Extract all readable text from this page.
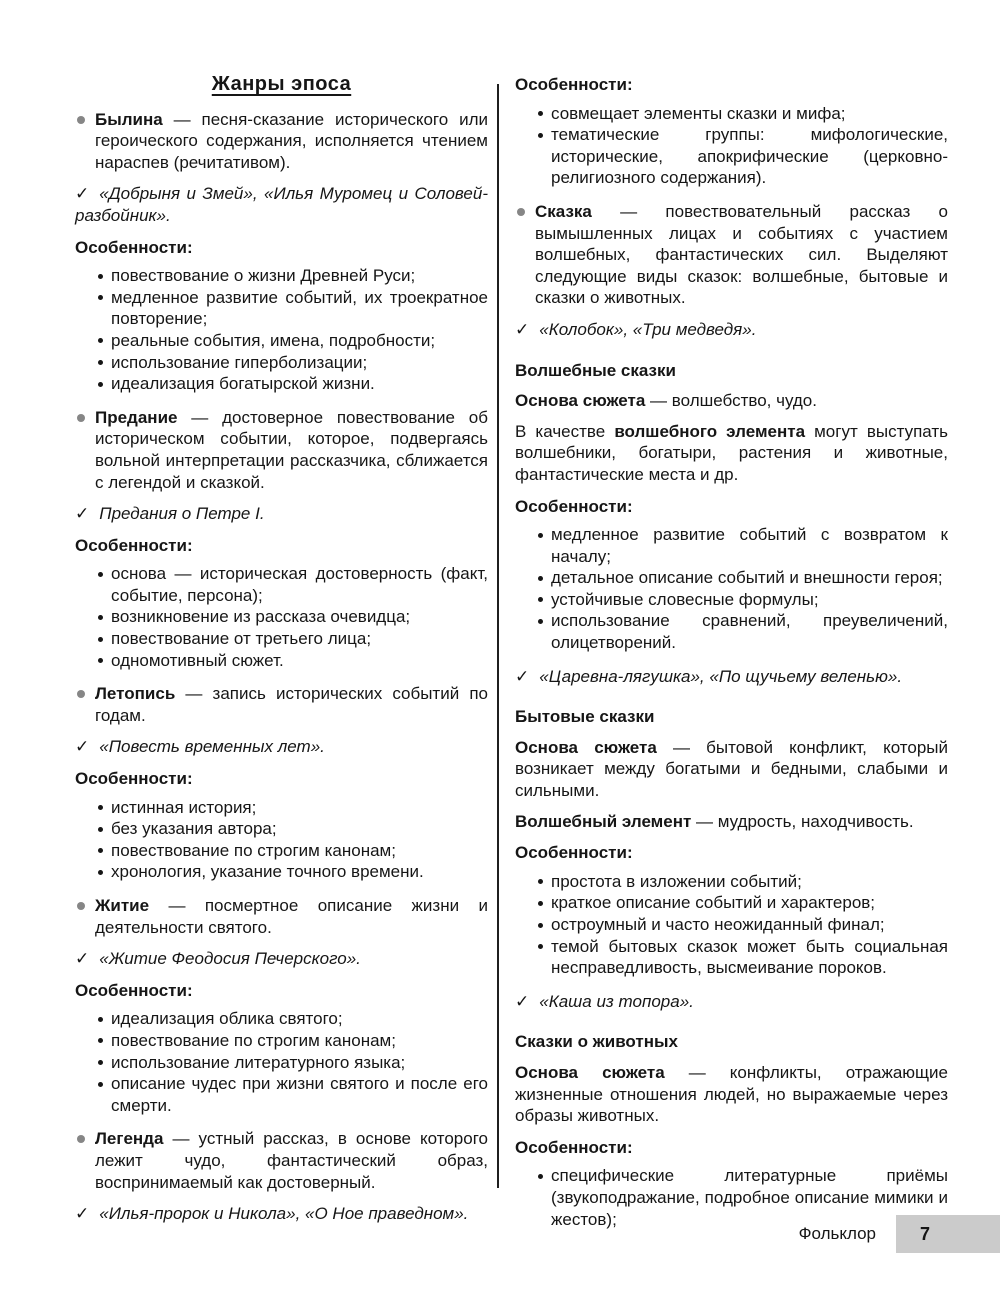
Жанры эпоса
Былина — песня-сказание исторического или героического содержания, исполняется чтением нараспев (речитативом).
✓ «Добрыня и Змей», «Илья Муромец и Соловей-разбойник».
Особенности:
повествование о жизни Древней Руси;
медленное развитие событий, их троекратное повторение;
реальные события, имена, подробности;
использование гиперболизации;
идеализация богатырской жизни.
Предание — достоверное повествование об историческом событии, которое, подвергаясь вольной интерпретации рассказчика, сближается с легендой и сказкой.
✓ Предания о Петре I.
Особенности:
основа — историческая достоверность (факт, событие, персона);
возникновение из рассказа очевидца;
повествование от третьего лица;
одномотивный сюжет.
Летопись — запись исторических событий по годам.
✓ «Повесть временных лет».
Особенности:
истинная история;
без указания автора;
повествование по строгим канонам;
хронология, указание точного времени.
Житие — посмертное описание жизни и деятельности святого.
✓ «Житие Феодосия Печерского».
Особенности:
идеализация облика святого;
повествование по строгим канонам;
использование литературного языка;
описание чудес при жизни святого и после его смерти.
Легенда — устный рассказ, в основе которого лежит чудо, фантастический образ, воспринимаемый как достоверный.
✓ «Илья-пророк и Никола», «О Ное праведном».
Особенности:
совмещает элементы сказки и мифа;
тематические группы: мифологические, исторические, апокрифические (церковно-религиозного содержания).
Сказка — повествовательный рассказ о вымышленных лицах и событиях с участием волшебных, фантастических сил. Выделяют следующие виды сказок: волшебные, бытовые и сказки о животных.
✓ «Колобок», «Три медведя».
Волшебные сказки
Основа сюжета — волшебство, чудо.
В качестве волшебного элемента могут выступать волшебники, богатыри, растения и животные, фантастические места и др.
Особенности:
медленное развитие событий с возвратом к началу;
детальное описание событий и внешности героя;
устойчивые словесные формулы;
использование сравнений, преувеличений, олицетворений.
✓ «Царевна-лягушка», «По щучьему веленью».
Бытовые сказки
Основа сюжета — бытовой конфликт, который возникает между богатыми и бедными, слабыми и сильными.
Волшебный элемент — мудрость, находчивость.
Особенности:
простота в изложении событий;
краткое описание событий и характеров;
остроумный и часто неожиданный финал;
темой бытовых сказок может быть социальная несправедливость, высмеивание пороков.
✓ «Каша из топора».
Сказки о животных
Основа сюжета — конфликты, отражающие жизненные отношения людей, но выражаемые через образы животных.
Особенности:
специфические литературные приёмы (звукоподражание, подробное описание мимики и жестов);
Фольклор	7
